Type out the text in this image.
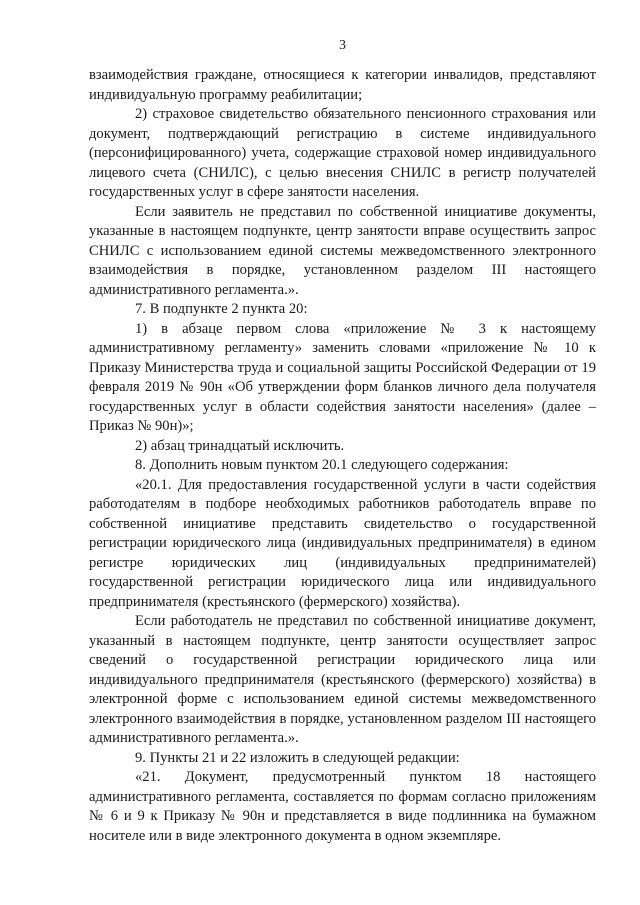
3

взаимодействия граждане, относящиеся к категории инвалидов, представляют индивидуальную программу реабилитации;

2) страховое свидетельство обязательного пенсионного страхования или документ, подтверждающий регистрацию в системе индивидуального (персонифицированного) учета, содержащие страховой номер индивидуального лицевого счета (СНИЛС), с целью внесения СНИЛС в регистр получателей государственных услуг в сфере занятости населения.

Если заявитель не представил по собственной инициативе документы, указанные в настоящем подпункте, центр занятости вправе осуществить запрос СНИЛС с использованием единой системы межведомственного электронного взаимодействия в порядке, установленном разделом III настоящего административного регламента.».

7. В подпункте 2 пункта 20:

1) в абзаце первом слова «приложение № 3 к настоящему административному регламенту» заменить словами «приложение № 10 к Приказу Министерства труда и социальной защиты Российской Федерации от 19 февраля 2019 № 90н «Об утверждении форм бланков личного дела получателя государственных услуг в области содействия занятости населения» (далее – Приказ № 90н)»;

2) абзац тринадцатый исключить.

8. Дополнить новым пунктом 20.1 следующего содержания:

«20.1. Для предоставления государственной услуги в части содействия работодателям в подборе необходимых работников работодатель вправе по собственной инициативе представить свидетельство о государственной регистрации юридического лица (индивидуальных предпринимателя) в едином регистре юридических лиц (индивидуальных предпринимателей) государственной регистрации юридического лица или индивидуального предпринимателя (крестьянского (фермерского) хозяйства).

Если работодатель не представил по собственной инициативе документ, указанный в настоящем подпункте, центр занятости осуществляет запрос сведений о государственной регистрации юридического лица или индивидуального предпринимателя (крестьянского (фермерского) хозяйства) в электронной форме с использованием единой системы межведомственного электронного взаимодействия в порядке, установленном разделом III настоящего административного регламента.».

9. Пункты 21 и 22 изложить в следующей редакции:

«21. Документ, предусмотренный пунктом 18 настоящего административного регламента, составляется по формам согласно приложениям № 6 и 9 к Приказу № 90н и представляется в виде подлинника на бумажном носителе или в виде электронного документа в одном экземпляре.
